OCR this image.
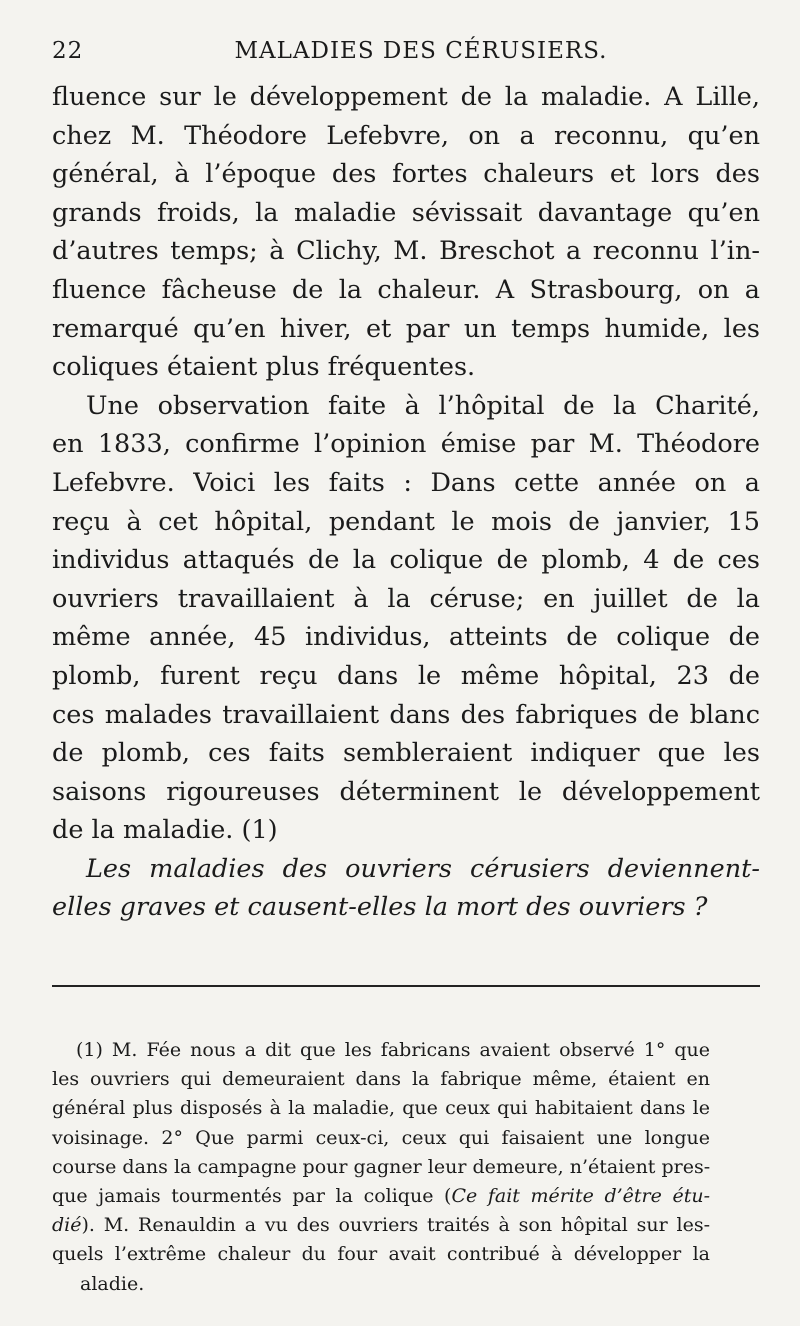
22	MALADIES DES CÉRUSIERS.
fluence sur le développement de la maladie. A Lille,
chez M. Théodore Lefebvre, on a reconnu, qu’en
général, à l’époque des fortes chaleurs et lors des
grands froids, la maladie sévissait davantage qu’en
d’autres temps; à Clichy, M. Breschot a reconnu l’in-
fluence fâcheuse de la chaleur. A Strasbourg, on a
remarqué qu’en hiver, et par un temps humide, les
coliques étaient plus fréquentes.
Une observation faite à l’hôpital de la Charité,
en 1833, confirme l’opinion émise par M. Théodore
Lefebvre. Voici les faits : Dans cette année on a
reçu à cet hôpital, pendant le mois de janvier, 15
individus attaqués de la colique de plomb, 4 de ces
ouvriers travaillaient à la céruse; en juillet de la
même année, 45 individus, atteints de colique de
plomb, furent reçu dans le même hôpital, 23 de
ces malades travaillaient dans des fabriques de blanc
de plomb, ces faits sembleraient indiquer que les
saisons rigoureuses déterminent le développement
de la maladie. (1)
Les maladies des ouvriers cérusiers deviennent-
elles graves et causent-elles la mort des ouvriers ?
(1) M. Fée nous a dit que les fabricans avaient observé 1° que
les ouvriers qui demeuraient dans la fabrique même, étaient en
général plus disposés à la maladie, que ceux qui habitaient dans le
voisinage. 2° Que parmi ceux-ci, ceux qui faisaient une longue
course dans la campagne pour gagner leur demeure, n’étaient pres-
que jamais tourmentés par la colique (Ce fait mérite d’être étu-
dié). M. Renauldin a vu des ouvriers traités à son hôpital sur les-
quels l’extrême chaleur du four avait contribué à développer la
aladie.
